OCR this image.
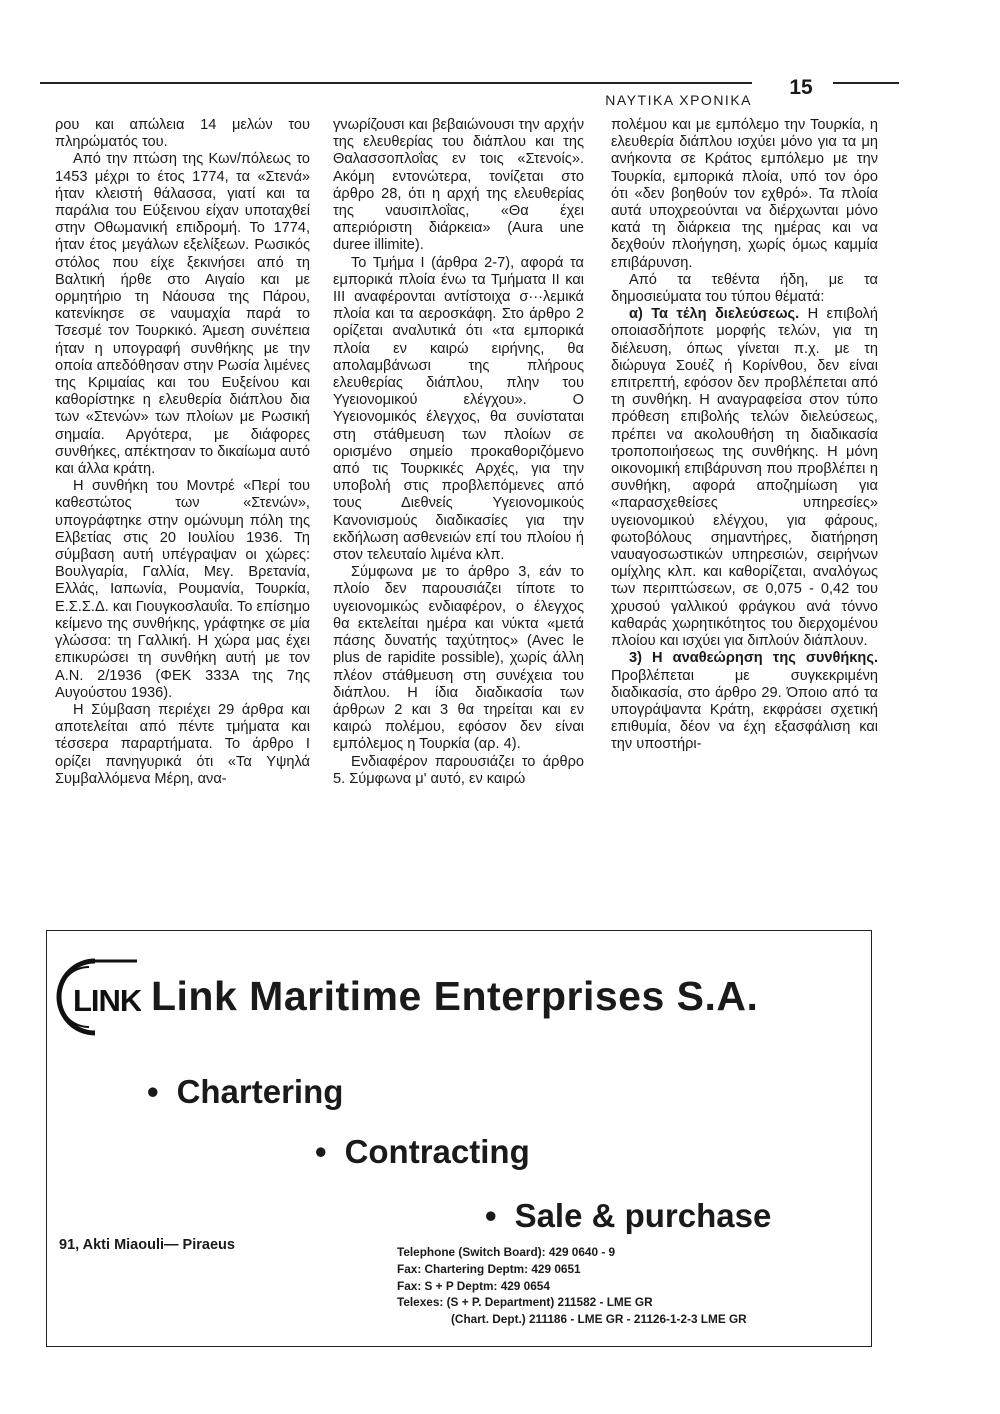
15
ΝΑΥΤΙΚΑ ΧΡΟΝΙΚΑ

ρου και απώλεια 14 μελών του πληρώματός του.

Από την πτώση της Κων/πόλεως το 1453 μέχρι το έτος 1774, τα «Στενά» ήταν κλειστή θάλασσα, γιατί και τα παράλια του Εύξεινου είχαν υποταχθεί στην Οθωμανική επιδρομή. Το 1774, ήταν έτος μεγάλων εξελίξεων. Ρωσικός στόλος που είχε ξεκινήσει από τη Βαλτική ήρθε στο Αιγαίο και με ορμητήριο τη Νάουσα της Πάρου, κατενίκησε σε ναυμαχία παρά το Τσεσμέ τον Τουρκικό. Άμεση συνέπεια ήταν η υπογραφή συνθήκης με την οποία απεδόθησαν στην Ρωσία λιμένες της Κριμαίας και του Ευξείνου και καθορίστηκε η ελευθερία διάπλου δια των «Στενών» των πλοίων με Ρωσική σημαία. Αργότερα, με διάφορες συνθήκες, απέκτησαν το δικαίωμα αυτό και άλλα κράτη.

Η συνθήκη του Μοντρέ «Περί του καθεστώτος των «Στενών», υπογράφτηκε στην ομώνυμη πόλη της Ελβετίας στις 20 Ιουλίου 1936. Τη σύμβαση αυτή υπέγραψαν οι χώρες: Βουλγαρία, Γαλλία, Μεγ. Βρετανία, Ελλάς, Ιαπωνία, Ρουμανία, Τουρκία, Ε.Σ.Σ.Δ. και Γιουγκοσλαυΐα. Το επίσημο κείμενο της συνθήκης, γράφτηκε σε μία γλώσσα: τη Γαλλική. Η χώρα μας έχει επικυρώσει τη συνθήκη αυτή με τον Α.Ν. 2/1936 (ΦΕΚ 333Α της 7ης Αυγούστου 1936).

Η Σύμβαση περιέχει 29 άρθρα και αποτελείται από πέντε τμήματα και τέσσερα παραρτήματα. Το άρθρο Ι ορίζει πανηγυρικά ότι «Τα Υψηλά Συμβαλλόμενα Μέρη, ανα-

γνωρίζουσι και βεβαιώνουσι την αρχήν της ελευθερίας του διάπλου και της Θαλασσοπλοΐας εν τοις «Στενοίς». Ακόμη εντονώτερα, τονίζεται στο άρθρο 28, ότι η αρχή της ελευθερίας της ναυσιπλοΐας, «Θα έχει απεριόριστη διάρκεια» (Aura une duree illimite).

Το Τμήμα Ι (άρθρα 2-7), αφορά τα εμπορικά πλοία ένω τα Τμήματα ΙΙ και ΙΙΙ αναφέρονται αντίστοιχα σ···λεμικά πλοία και τα αεροσκάφη. Στο άρθρο 2 ορίζεται αναλυτικά ότι «τα εμπορικά πλοία εν καιρώ ειρήνης, θα απολαμβάνωσι της πλήρους ελευθερίας διάπλου, πλην του Υγειονομικού ελέγχου». Ο Υγειονομικός έλεγχος, θα συνίσταται στη στάθμευση των πλοίων σε ορισμένο σημείο προκαθοριζόμενο από τις Τουρκικές Αρχές, για την υποβολή στις προβλεπόμενες από τους Διεθνείς Υγειονομικούς Κανονισμούς διαδικασίες για την εκδήλωση ασθενειών επί του πλοίου ή στον τελευταίο λιμένα κλπ.

Σύμφωνα με το άρθρο 3, εάν το πλοίο δεν παρουσιάζει τίποτε το υγειονομικώς ενδιαφέρον, ο έλεγχος θα εκτελείται ημέρα και νύκτα «μετά πάσης δυνατής ταχύτητος» (Avec le plus de rapidite possible), χωρίς άλλη πλέον στάθμευση στη συνέχεια του διάπλου. Η ίδια διαδικασία των άρθρων 2 και 3 θα τηρείται και εν καιρώ πολέμου, εφόσον δεν είναι εμπόλεμος η Τουρκία (αρ. 4).

Ενδιαφέρον παρουσιάζει το άρθρο 5. Σύμφωνα μ' αυτό, εν καιρώ

πολέμου και με εμπόλεμο την Τουρκία, η ελευθερία διάπλου ισχύει μόνο για τα μη ανήκοντα σε Κράτος εμπόλεμο με την Τουρκία, εμπορικά πλοία, υπό τον όρο ότι «δεν βοηθούν τον εχθρό». Τα πλοία αυτά υποχρεούνται να διέρχωνται μόνο κατά τη διάρκεια της ημέρας και να δεχθούν πλοήγηση, χωρίς όμως καμμία επιβάρυνση.

Από τα τεθέντα ήδη, με τα δημοσιεύματα του τύπου θέματά:

α) Τα τέλη διελεύσεως. Η επιβολή οποιασδήποτε μορφής τελών, για τη διέλευση, όπως γίνεται π.χ. με τη διώρυγα Σουέζ ή Κορίνθου, δεν είναι επιτρεπτή, εφόσον δεν προβλέπεται από τη συνθήκη. Η αναγραφείσα στον τύπο πρόθεση επιβολής τελών διελεύσεως, πρέπει να ακολουθήση τη διαδικασία τροποποιήσεως της συνθήκης. Η μόνη οικονομική επιβάρυνση που προβλέπει η συνθήκη, αφορά αποζημίωση για «παρασχεθείσες υπηρεσίες» υγειονομικού ελέγχου, για φάρους, φωτοβόλους σημαντήρες, διατήρηση ναυαγοσωστικών υπηρεσιών, σειρήνων ομίχλης κλπ. και καθορίζεται, αναλόγως των περιπτώσεων, σε 0,075 - 0,42 του χρυσού γαλλικού φράγκου ανά τόννο καθαράς χωρητικότητος του διερχομένου πλοίου και ισχύει για διπλούν διάπλουν.

3) Η αναθεώρηση της συνθήκης. Προβλέπεται με συγκεκριμένη διαδικασία, στο άρθρο 29. Όποιο από τα υπογράψαντα Κράτη, εκφράσει σχετική επιθυμία, δέον να έχη εξασφάλιση και την υποστήρι-

LINK Link Maritime Enterprises S.A.
• Chartering
• Contracting
• Sale & purchase
91, Akti Miaouli— Piraeus	Telephone (Switch Board): 429 0640 - 9
Fax: Chartering Deptm: 429 0651
Fax: S + P Deptm: 429 0654
Telexes: (S + P. Department) 211582 - LME GR
(Chart. Dept.) 211186 - LME GR - 21126-1-2-3 LME GR
